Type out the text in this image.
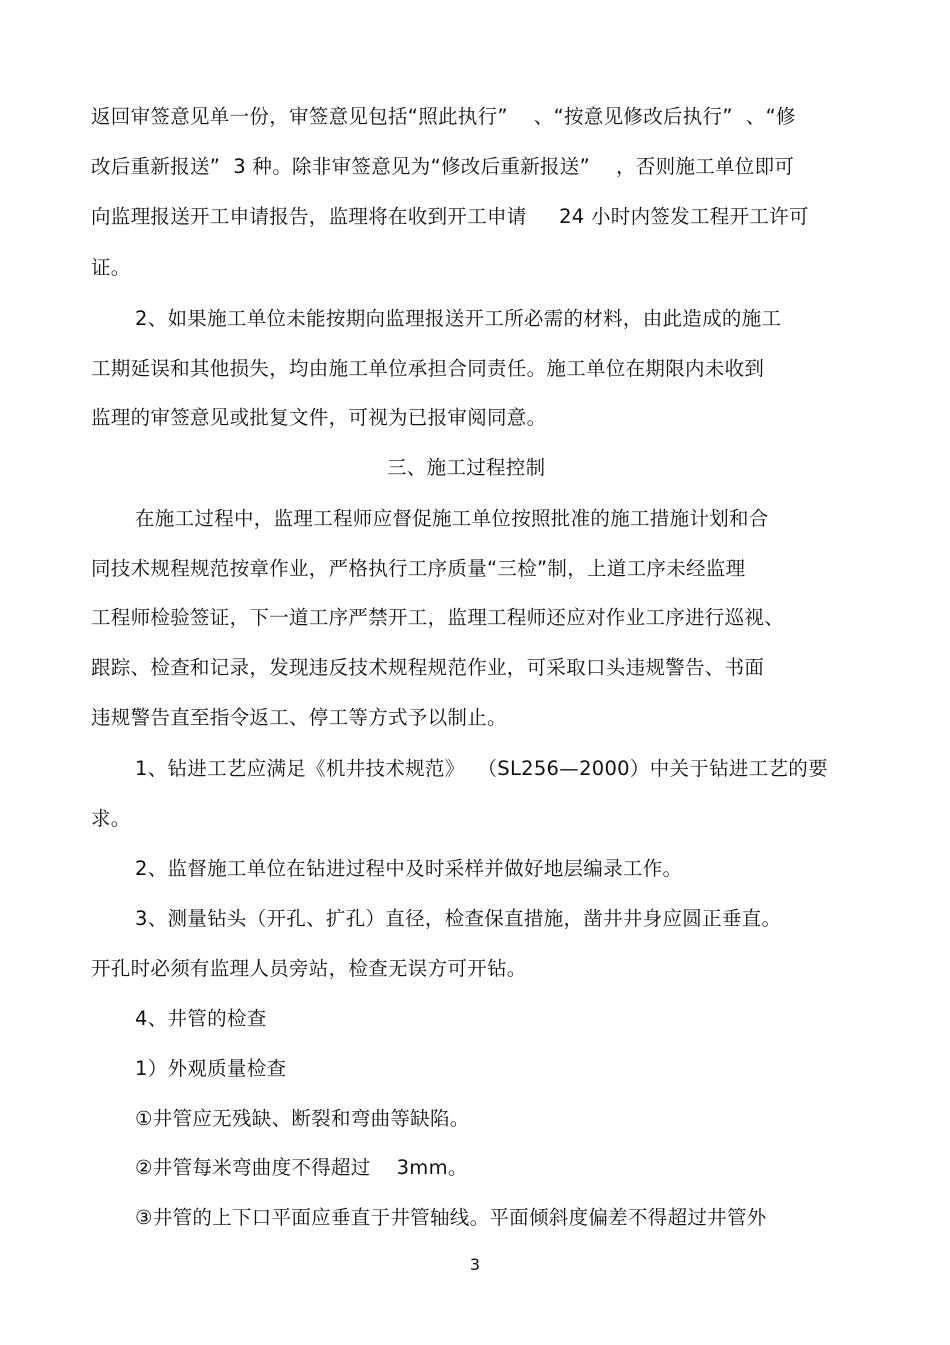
返回审签意见单一份，审签意见包括“照此执行”    、“按意见修改后执行”  、“修
改后重新报送”  3 种。除非审签意见为“修改后重新报送”    ，否则施工单位即可
向监理报送开工申请报告，监理将在收到开工申请     24 小时内签发工程开工许可
证。
2、如果施工单位未能按期向监理报送开工所必需的材料，由此造成的施工
工期延误和其他损失，均由施工单位承担合同责任。施工单位在期限内未收到
监理的审签意见或批复文件，可视为已报审阅同意。
三、施工过程控制
在施工过程中，监理工程师应督促施工单位按照批准的施工措施计划和合
同技术规程规范按章作业，严格执行工序质量“三检”制，上道工序未经监理
工程师检验签证，下一道工序严禁开工，监理工程师还应对作业工序进行巡视、
跟踪、检查和记录，发现违反技术规程规范作业，可采取口头违规警告、书面
违规警告直至指令返工、停工等方式予以制止。
1、钻进工艺应满足《机井技术规范》  （SL256—2000）中关于钻进工艺的要
求。
2、监督施工单位在钻进过程中及时采样并做好地层编录工作。
3、测量钻头（开孔、扩孔）直径，检查保直措施，凿井井身应圆正垂直。
开孔时必须有监理人员旁站，检查无误方可开钻。
4、井管的检查
1）外观质量检查
①井管应无残缺、断裂和弯曲等缺陷。
②井管每米弯曲度不得超过    3mm。
③井管的上下口平面应垂直于井管轴线。平面倾斜度偏差不得超过井管外
3
